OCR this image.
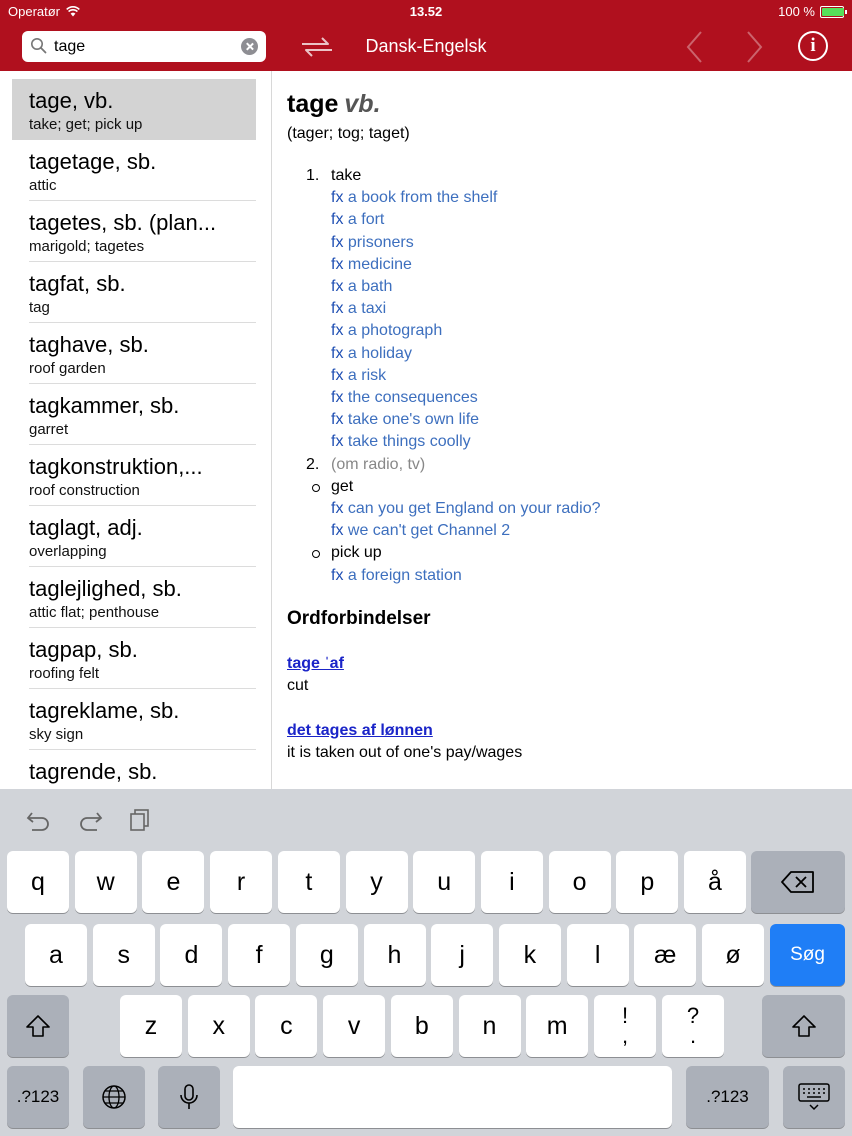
Operatør	13.52	100 %
tage
Dansk-Engelsk	i
tage, vb.
take; get; pick up
tagetage, sb.
attic
tagetes, sb. (plan...
marigold; tagetes
tagfat, sb.
tag
taghave, sb.
roof garden
tagkammer, sb.
garret
tagkonstruktion,...
roof construction
taglagt, adj.
overlapping
taglejlighed, sb.
attic flat; penthouse
tagpap, sb.
roofing felt
tagreklame, sb.
sky sign
tagrende, sb.
tage vb.
(tager; tog; taget)
1. take
fx a book from the shelf
fx a fort
fx prisoners
fx medicine
fx a bath
fx a taxi
fx a photograph
fx a holiday
fx a risk
fx the consequences
fx take one's own life
fx take things coolly
2. (om radio, tv)
get
fx can you get England on your radio?
fx we can't get Channel 2
pick up
fx a foreign station
Ordforbindelser
tage ˈaf
cut
det tages af lønnen
it is taken out of one's pay/wages
q	w	e	r	t	y	u	i	o	p	å
a	s	d	f	g	h	j	k	l	æ	ø	Søg
z	x	c	v	b	n	m	!
,
?
.
.?123	.?123
